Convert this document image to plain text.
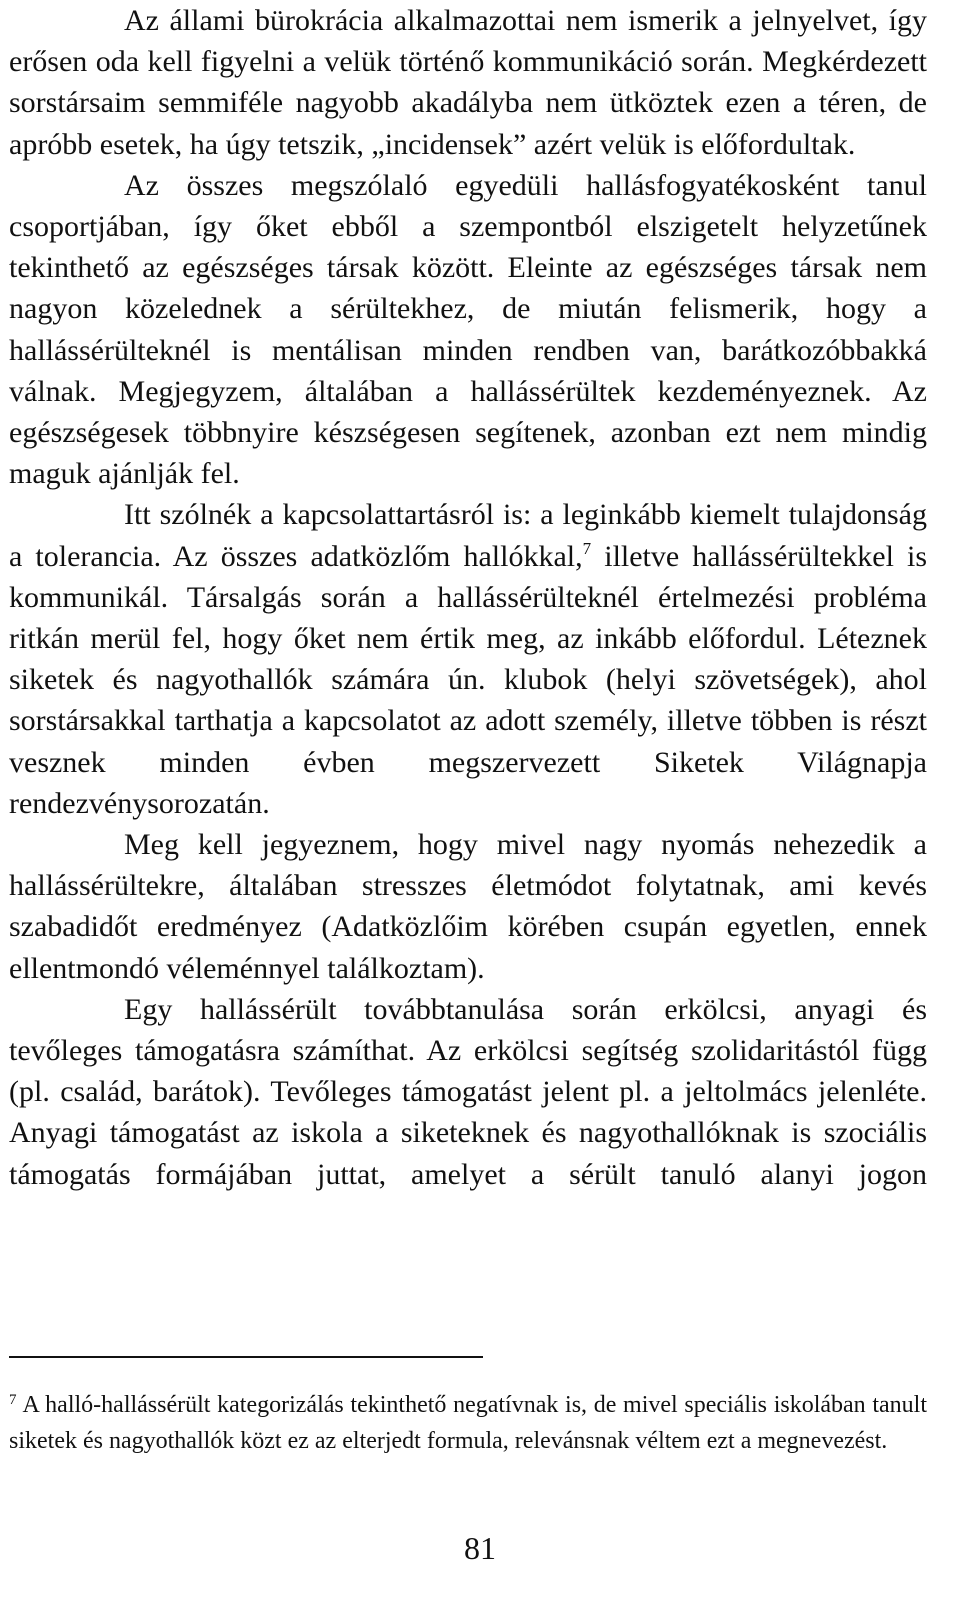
Az állami bürokrácia alkalmazottai nem ismerik a jelnyelvet, így erősen oda kell figyelni a velük történő kommunikáció során. Megkérdezett sorstársaim semmiféle nagyobb akadályba nem ütköztek ezen a téren, de apróbb esetek, ha úgy tetszik, „incidensek” azért velük is előfordultak.

Az összes megszólaló egyedüli hallásfogyatékosként tanul csoportjában, így őket ebből a szempontból elszigetelt helyzetűnek tekinthető az egészséges társak között. Eleinte az egészséges társak nem nagyon közelednek a sérültekhez, de miután felismerik, hogy a hallássérülteknél is mentálisan minden rendben van, barátkozóbbakká válnak. Megjegyzem, általában a hallássérültek kezdeményeznek. Az egészségesek többnyire készségesen segítenek, azonban ezt nem mindig maguk ajánlják fel.

Itt szólnék a kapcsolattartásról is: a leginkább kiemelt tulajdonság a tolerancia. Az összes adatközlőm hallókkal,$^7$ illetve hallássérültekkel is kommunikál. Társalgás során a hallássérülteknél értelmezési probléma ritkán merül fel, hogy őket nem értik meg, az inkább előfordul. Léteznek siketek és nagyothallók számára ún. klubok (helyi szövetségek), ahol sorstársakkal tarthatja a kapcsolatot az adott személy, illetve többen is részt vesznek minden évben megszervezett Siketek Világnapja rendezvénysorozatán.

Meg kell jegyeznem, hogy mivel nagy nyomás nehezedik a hallássérültekre, általában stresszes életmódot folytatnak, ami kevés szabadidőt eredményez (Adatközlőim körében csupán egyetlen, ennek ellentmondó véleménnyel találkoztam).

Egy hallássérült továbbtanulása során erkölcsi, anyagi és tevőleges támogatásra számíthat. Az erkölcsi segítség szolidaritástól függ (pl. család, barátok). Tevőleges támogatást jelent pl. a jeltolmács jelenléte. Anyagi támogatást az iskola a siketeknek és nagyothallóknak is szociális támogatás formájában juttat, amelyet a sérült tanuló alanyi jogon

$^7$ A halló-hallássérült kategorizálás tekinthető negatívnak is, de mivel speciális iskolában tanult siketek és nagyothallók közt ez az elterjedt formula, relevánsnak véltem ezt a megnevezést.

81
